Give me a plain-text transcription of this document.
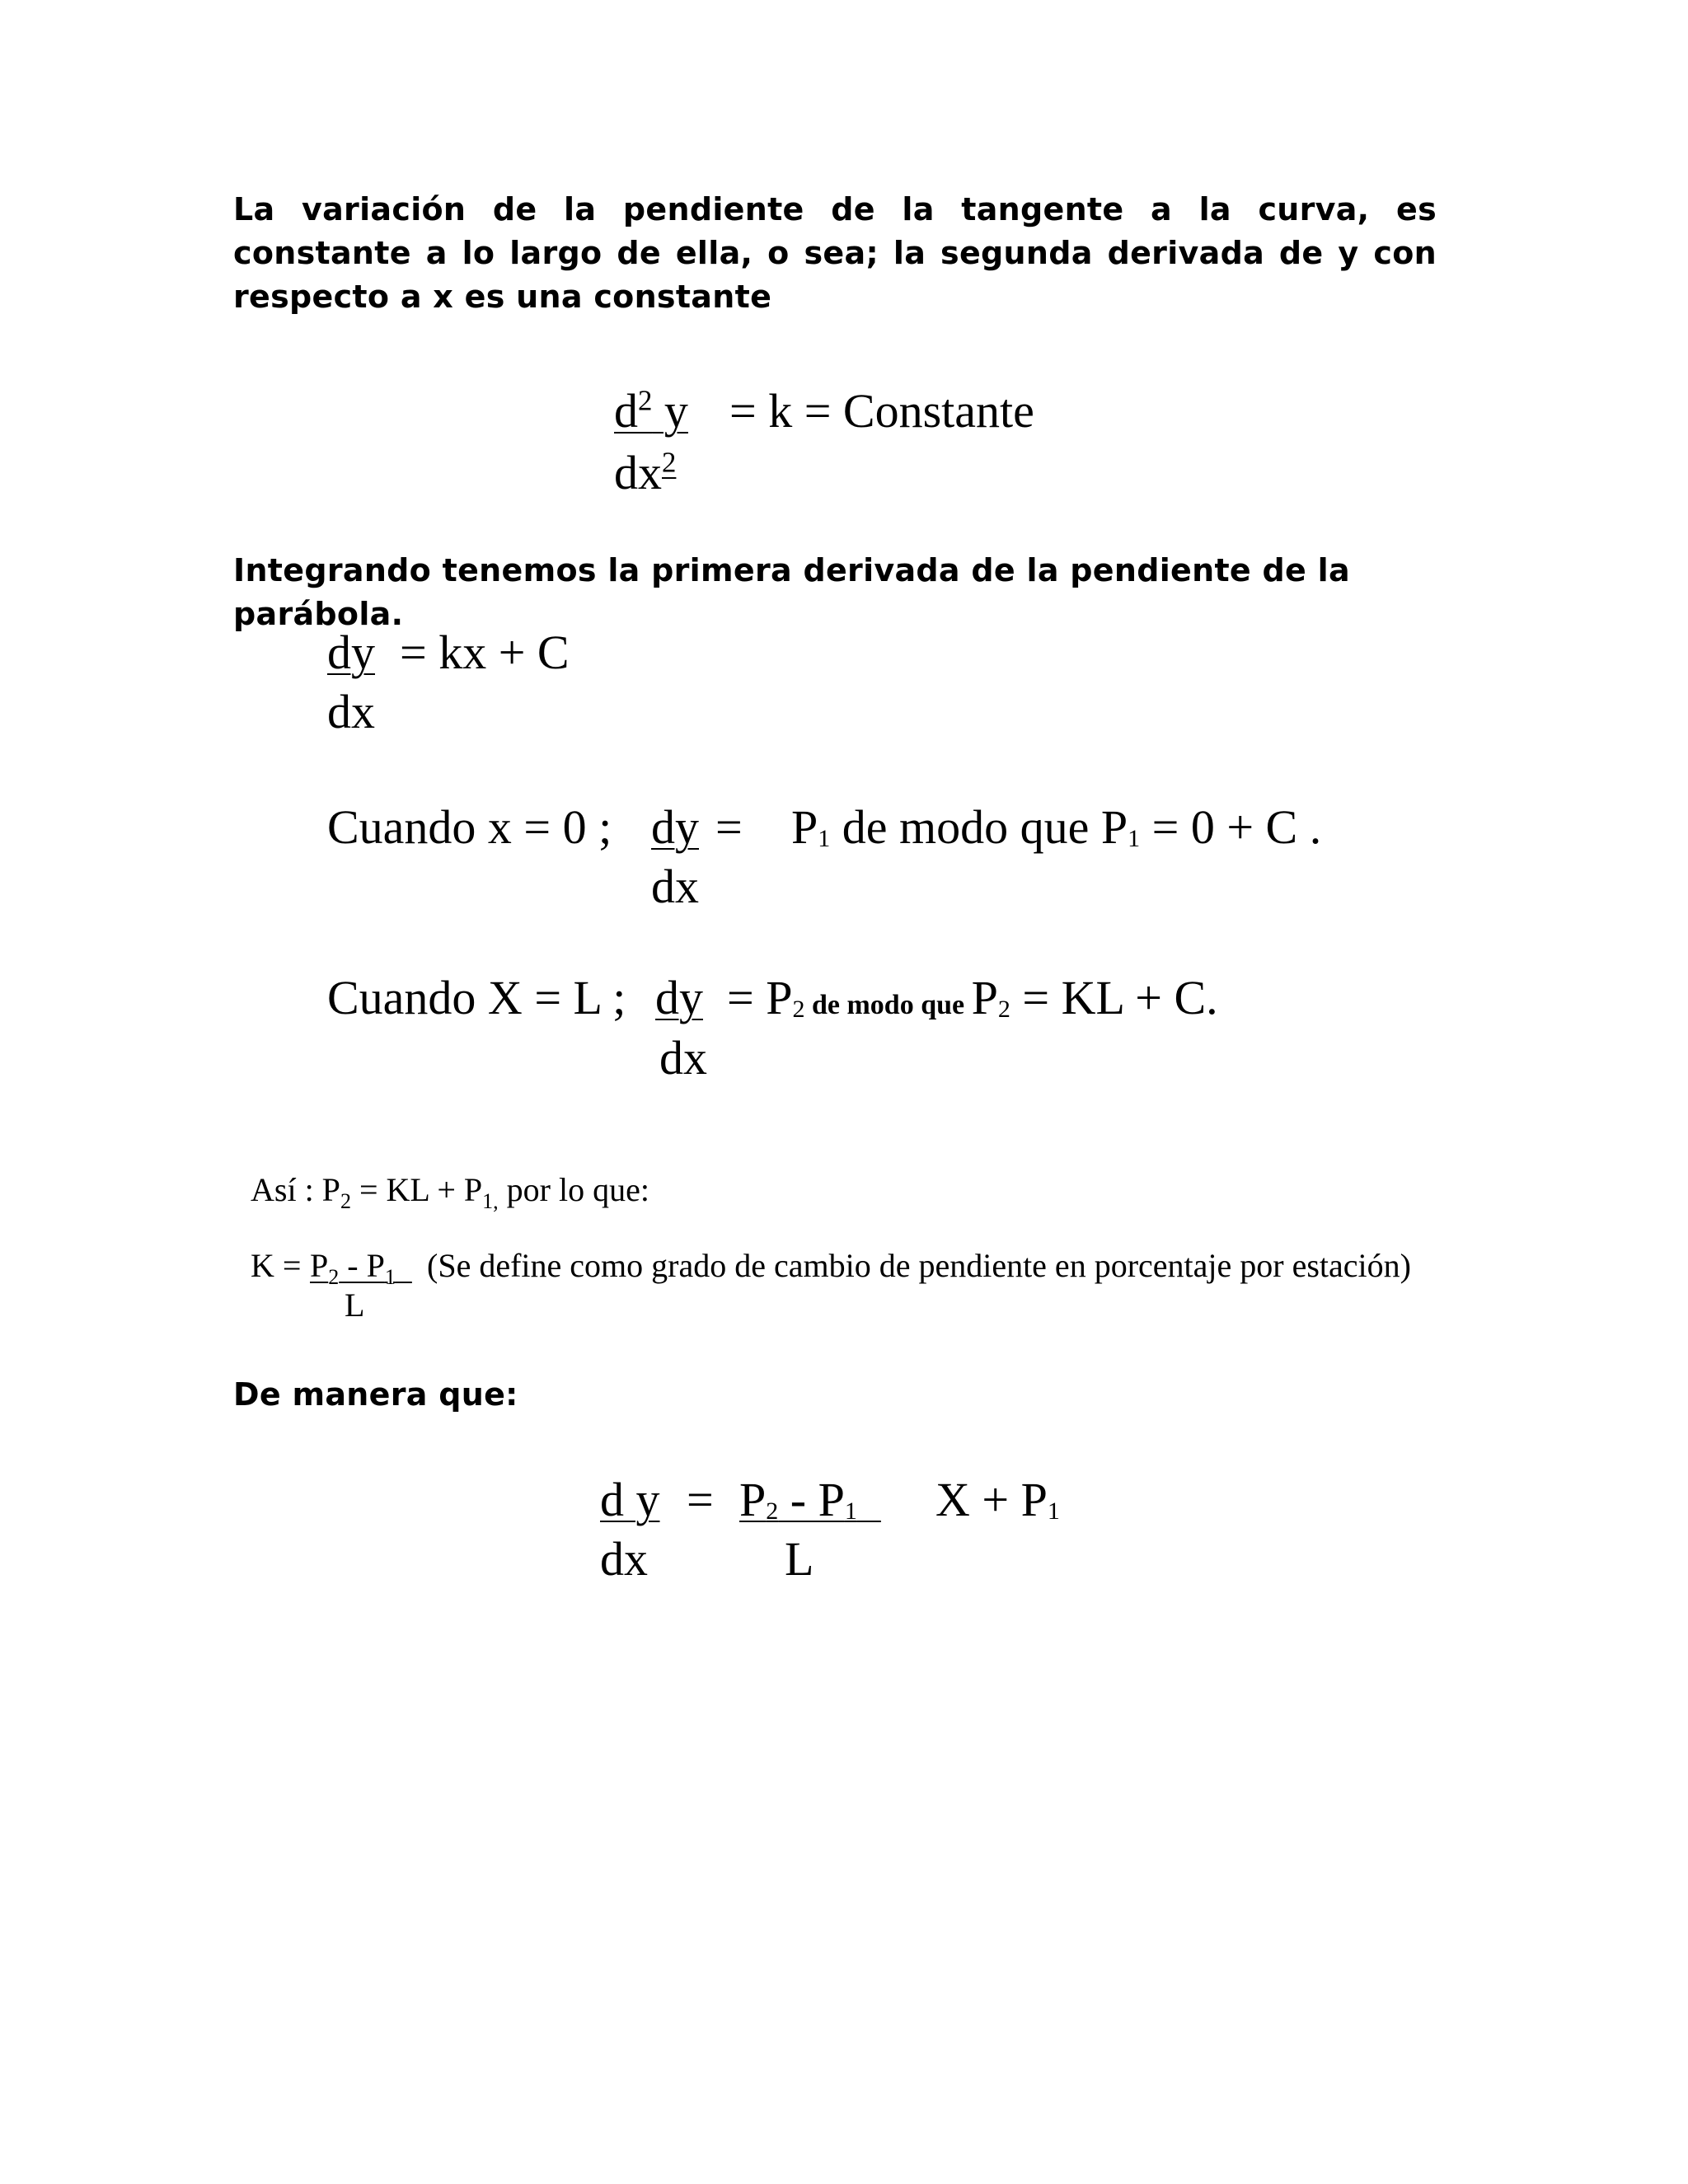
La variación de la pendiente de la tangente a la curva, es constante a lo largo de ella, o sea; la segunda derivada de y con respecto a x es una constante
$d^2$ y
$dx^2$
= k = Constante
Integrando tenemos la primera derivada de la pendiente de la parábola.
dy
dx
= kx + C
Cuando x = 0 ; dy =
dx
$P_1$ de modo que $P_1 = 0 + C$ .
Cuando X = L ; dy
dx
= $P_2$ de modo que $P_2$ = KL + C.
Así : $P_2$ = KL + $P_{1,}$ por lo que:
$K = P_2 - P_1$
L
(Se define como grado de cambio de pendiente en porcentaje por estación)
De manera que:
d y
dx
= $P_2 - P_1$
L
$X + P_1$
